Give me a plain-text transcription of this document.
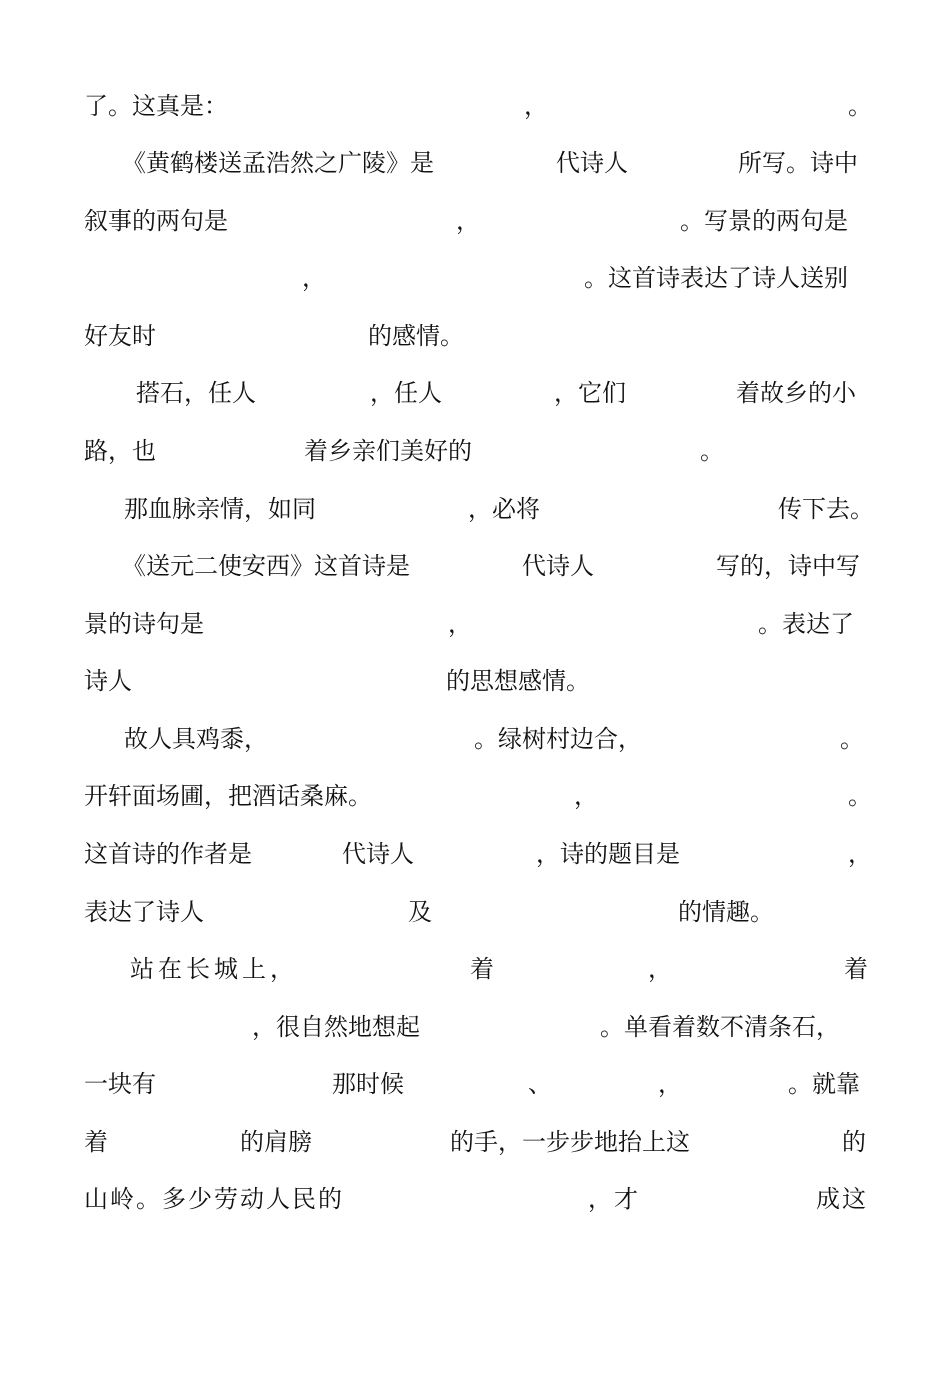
了。这真是：

	，

	。

《黄鹤楼送孟浩然之广陵》是

	代诗人

	所写。诗中

叙事的两句是

	，

	。写景的两句是

，

	。这首诗表达了诗人送别

好友时

	的感情。

搭石，任人

	，任人

	，它们

	着故乡的小

路，也

	着乡亲们美好的

	。

那血脉亲情，如同

	，必将

	传下去。

《送元二使安西》这首诗是

	代诗人

	写的，诗中写

景的诗句是

	，

	。表达了

诗人

	的思想感情。

故人具鸡黍，

	。绿树村边合，

	。

开轩面场圃，把酒话桑麻。

	，

	。

这首诗的作者是

	代诗人

	，诗的题目是

	，

表达了诗人

	及

	的情趣。

站在长城上，

	着

	，

	着

，很自然地想起

	。单看着数不清条石，

一块有

	那时候

	、

	，

	。就靠

着

	的肩膀

	的手，一步步地抬上这

	的

山岭。多少劳动人民的

	，才

	成这
